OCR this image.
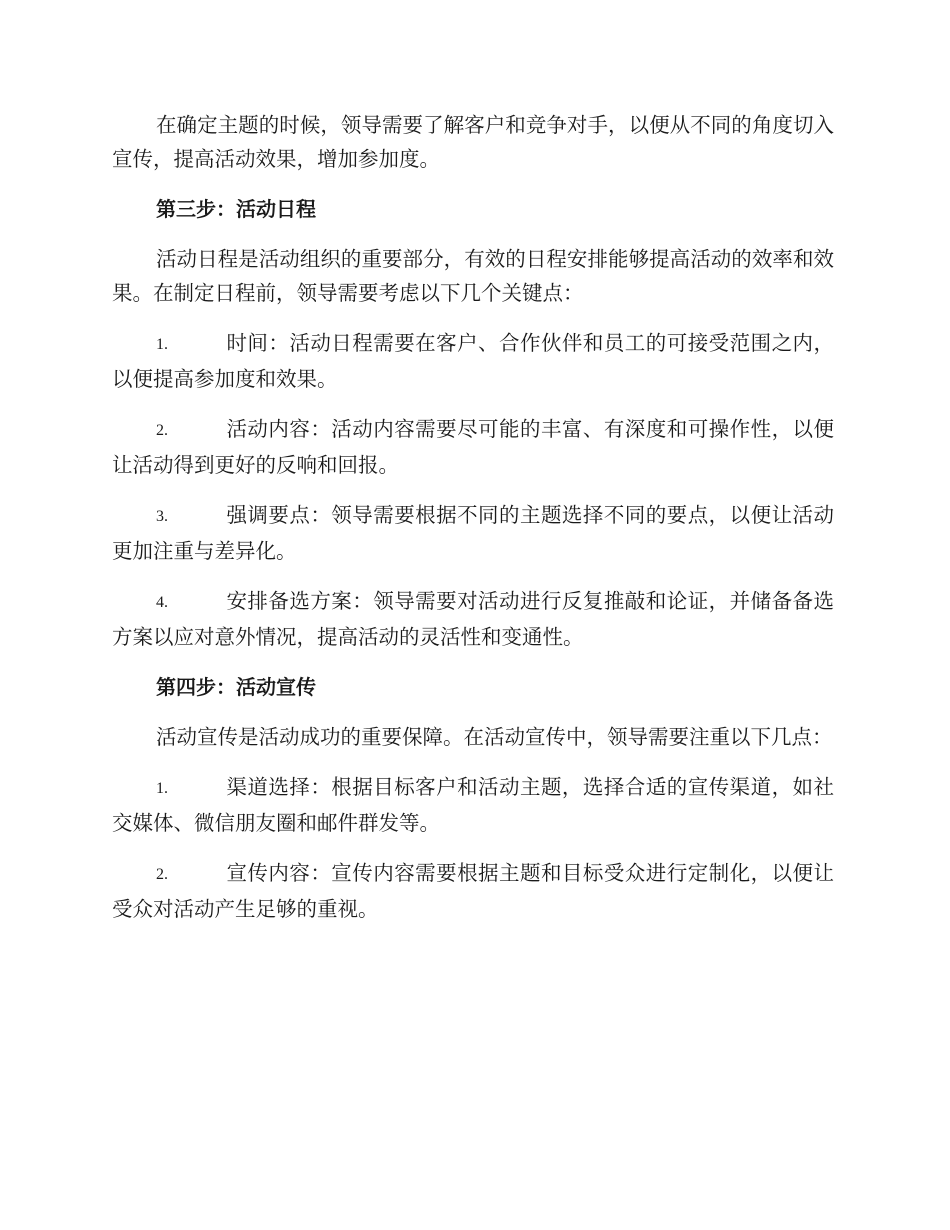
在确定主题的时候，领导需要了解客户和竞争对手，以便从不同的角度切入宣传，提高活动效果，增加参加度。

第三步：活动日程

活动日程是活动组织的重要部分，有效的日程安排能够提高活动的效率和效果。在制定日程前，领导需要考虑以下几个关键点：

1.	时间：活动日程需要在客户、合作伙伴和员工的可接受范围之内，以便提高参加度和效果。

2.	活动内容：活动内容需要尽可能的丰富、有深度和可操作性，以便让活动得到更好的反响和回报。

3.	强调要点：领导需要根据不同的主题选择不同的要点，以便让活动更加注重与差异化。

4.	安排备选方案：领导需要对活动进行反复推敲和论证，并储备备选方案以应对意外情况，提高活动的灵活性和变通性。

第四步：活动宣传

活动宣传是活动成功的重要保障。在活动宣传中，领导需要注重以下几点：

1.	渠道选择：根据目标客户和活动主题，选择合适的宣传渠道，如社交媒体、微信朋友圈和邮件群发等。

2.	宣传内容：宣传内容需要根据主题和目标受众进行定制化，以便让受众对活动产生足够的重视。
